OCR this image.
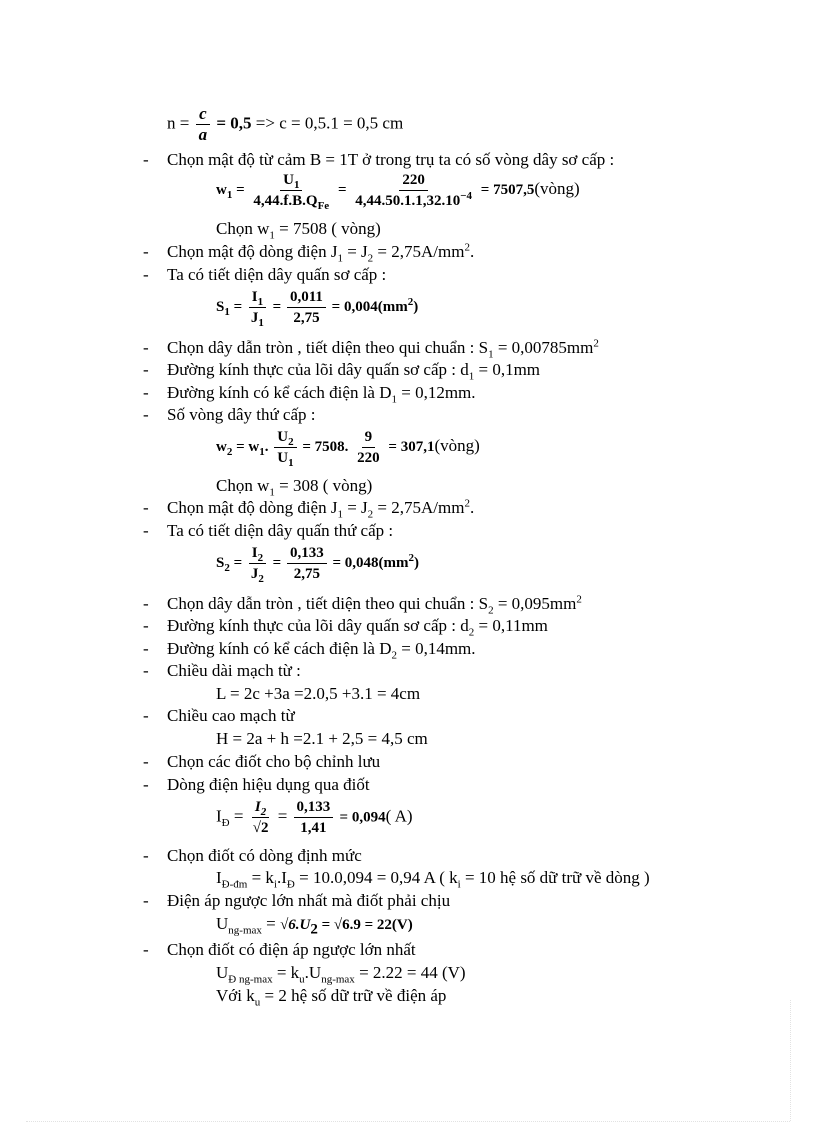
$n = \frac{c}{a} = 0,5 => c = 0,5.1 = 0,5$ cm
-	Chọn mật độ từ cảm B = 1T ở trong trụ ta có số vòng dây sơ cấp :
$w_1 = \frac{U_1}{4,44.f.B.Q_{Fe}} = \frac{220}{4,44.50.1.1,32.10^{-4}}$ = 7507,5(vòng)
Chọn $w_1 = 7508$ ( vòng)
-	Chọn mật độ dòng điện $J_1 = J_2 = 2,75A/mm^2$.
-	Ta có tiết diện dây quấn sơ cấp :
$S_1 = \frac{I_1}{J_1} = \frac{0,011}{2,75} = 0,004(mm^2)$
-	Chọn dây dẫn tròn , tiết diện theo qui chuẩn : $S_1 = 0,00785mm^2$
-	Đường kính thực của lõi dây quấn sơ cấp : $d_1 = 0,1mm$
-	Đường kính có kể cách điện là $D_1 = 0,12mm$.
-	Số vòng dây thứ cấp :
$w_2 = w_1$. $\frac{U_2}{U_1} = 7508$. $\frac{9}{220}$ = 307,1(vòng)
Chọn $w_1 = 308$ ( vòng)
-	Chọn mật độ dòng điện $J_1 = J_2 = 2,75A/mm^2$.
-	Ta có tiết diện dây quấn thứ cấp :
$S_2 = \frac{I_2}{J_2} = \frac{0,133}{2,75} = 0,048(mm^2)$
-	Chọn dây dẫn tròn , tiết diện theo qui chuẩn : $S_2 = 0,095mm^2$
-	Đường kính thực của lõi dây quấn sơ cấp : $d_2 = 0,11mm$
-	Đường kính có kể cách điện là $D_2 = 0,14mm$.
-	Chiều dài mạch từ :
L = 2c +3a =2.0,5 +3.1 = 4cm
-	Chiều cao mạch từ
H = 2a + h =2.1 + 2,5 = 4,5 cm
-	Chọn các điốt cho bộ chỉnh lưu
-	Dòng điện hiệu dụng qua điốt
$I_Đ = \frac{I_2}{√2} = \frac{0,133}{1,41} = 0,094$( A)
-	Chọn điốt có dòng định mức
$I_{Đ-đm} = k_i.I_Đ = 10.0,094 = 0,94$ A ( $k_i = 10$ hệ số dữ trữ về dòng )
-	Điện áp ngược lớn nhất mà điốt phải chịu
$U_{ng-max} = √6.U_2 = √6.9 = 22(V)$
-	Chọn điốt có điện áp ngược lớn nhất
$U_{Đ ng-max} = k_u.U_{ng-max} = 2.22 = 44$ (V)
Với $k_u = 2$ hệ số dữ trữ về điện áp
